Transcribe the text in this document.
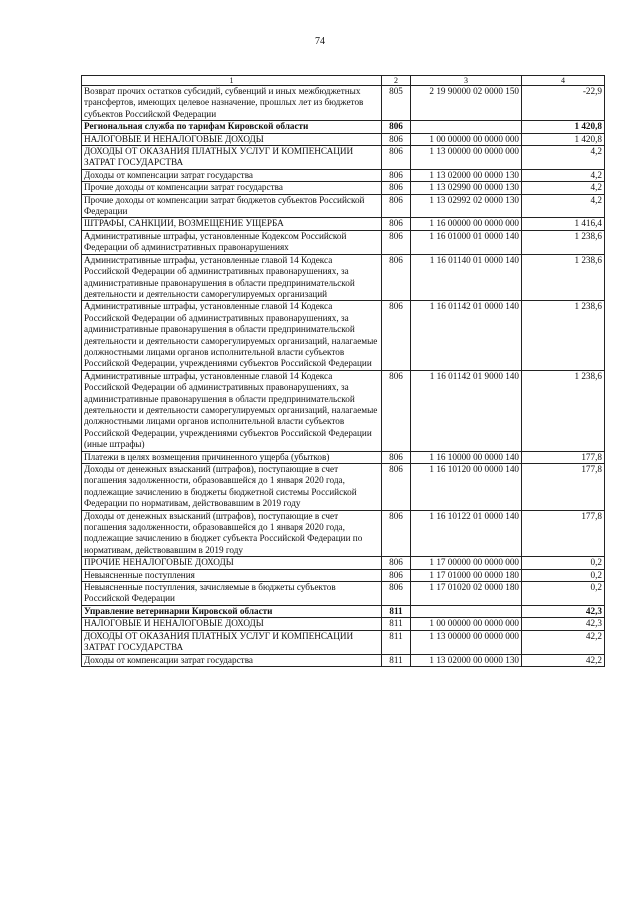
74
1	2	3	4
Возврат прочих остатков субсидий, субвенций и иных межбюджетных трансфертов, имеющих целевое назначение, прошлых лет из бюджетов субъектов Российской Федерации	805	2 19 90000 02 0000 150	-22,9
Региональная служба по тарифам Кировской области	806		1 420,8
НАЛОГОВЫЕ И НЕНАЛОГОВЫЕ ДОХОДЫ	806	1 00 00000 00 0000 000	1 420,8
ДОХОДЫ ОТ ОКАЗАНИЯ ПЛАТНЫХ УСЛУГ И КОМПЕНСАЦИИ ЗАТРАТ ГОСУДАРСТВА	806	1 13 00000 00 0000 000	4,2
Доходы от компенсации затрат государства	806	1 13 02000 00 0000 130	4,2
Прочие доходы от компенсации затрат государства	806	1 13 02990 00 0000 130	4,2
Прочие доходы от компенсации затрат бюджетов субъектов Российской Федерации	806	1 13 02992 02 0000 130	4,2
ШТРАФЫ, САНКЦИИ, ВОЗМЕЩЕНИЕ УЩЕРБА	806	1 16 00000 00 0000 000	1 416,4
Административные штрафы, установленные Кодексом Российской Федерации об административных правонарушениях	806	1 16 01000 01 0000 140	1 238,6
Административные штрафы, установленные главой 14 Кодекса Российской Федерации об административных правонарушениях, за административные правонарушения в области предпринимательской деятельности и деятельности саморегулируемых организаций	806	1 16 01140 01 0000 140	1 238,6
Административные штрафы, установленные главой 14 Кодекса Российской Федерации об административных правонарушениях, за административные правонарушения в области предпринимательской деятельности и деятельности саморегулируемых организаций, налагаемые должностными лицами органов исполнительной власти субъектов Российской Федерации, учреждениями субъектов Российской Федерации	806	1 16 01142 01 0000 140	1 238,6
Административные штрафы, установленные главой 14 Кодекса Российской Федерации об административных правонарушениях, за административные правонарушения в области предпринимательской деятельности и деятельности саморегулируемых организаций, налагаемые должностными лицами органов исполнительной власти субъектов Российской Федерации, учреждениями субъектов Российской Федерации (иные штрафы)	806	1 16 01142 01 9000 140	1 238,6
Платежи в целях возмещения причиненного ущерба (убытков)	806	1 16 10000 00 0000 140	177,8
Доходы от денежных взысканий (штрафов), поступающие в счет погашения задолженности, образовавшейся до 1 января 2020 года, подлежащие зачислению в бюджеты бюджетной системы Российской Федерации по нормативам, действовавшим в 2019 году	806	1 16 10120 00 0000 140	177,8
Доходы от денежных взысканий (штрафов), поступающие в счет погашения задолженности, образовавшейся до 1 января 2020 года, подлежащие зачислению в бюджет субъекта Российской Федерации по нормативам, действовавшим в 2019 году	806	1 16 10122 01 0000 140	177,8
ПРОЧИЕ НЕНАЛОГОВЫЕ ДОХОДЫ	806	1 17 00000 00 0000 000	0,2
Невыясненные поступления	806	1 17 01000 00 0000 180	0,2
Невыясненные поступления, зачисляемые в бюджеты субъектов Российской Федерации	806	1 17 01020 02 0000 180	0,2
Управление ветеринарии Кировской области	811		42,3
НАЛОГОВЫЕ И НЕНАЛОГОВЫЕ ДОХОДЫ	811	1 00 00000 00 0000 000	42,3
ДОХОДЫ ОТ ОКАЗАНИЯ ПЛАТНЫХ УСЛУГ И КОМПЕНСАЦИИ ЗАТРАТ ГОСУДАРСТВА	811	1 13 00000 00 0000 000	42,2
Доходы от компенсации затрат государства	811	1 13 02000 00 0000 130	42,2
